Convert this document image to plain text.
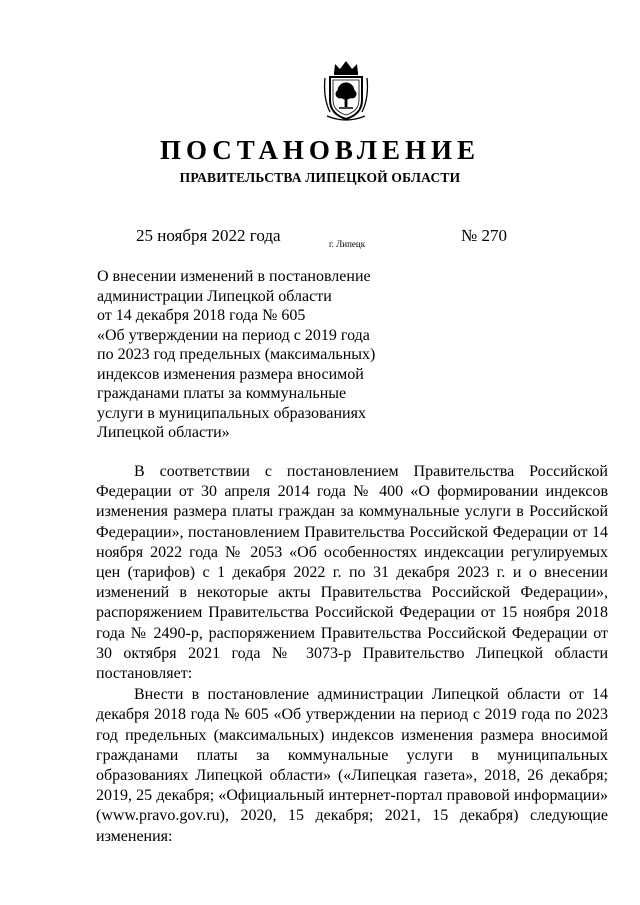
ПОСТАНОВЛЕНИЕ
ПРАВИТЕЛЬСТВА ЛИПЕЦКОЙ ОБЛАСТИ
25 ноября 2022 года	г. Липецк	№ 270
О внесении изменений в постановление
администрации Липецкой области
от 14 декабря 2018 года № 605
«Об утверждении на период с 2019 года
по 2023 год предельных (максимальных)
индексов изменения размера вносимой
гражданами платы за коммунальные
услуги в муниципальных образованиях
Липецкой области»

В соответствии с постановлением Правительства Российской Федерации от 30 апреля 2014 года № 400 «О формировании индексов изменения размера платы граждан за коммунальные услуги в Российской Федерации», постановлением Правительства Российской Федерации от 14 ноября 2022 года № 2053 «Об особенностях индексации регулируемых цен (тарифов) с 1 декабря 2022 г. по 31 декабря 2023 г. и о внесении изменений в некоторые акты Правительства Российской Федерации», распоряжением Правительства Российской Федерации от 15 ноября 2018 года № 2490-р, распоряжением Правительства Российской Федерации от 30 октября 2021 года № 3073-р Правительство Липецкой области постановляет:

Внести в постановление администрации Липецкой области от 14 декабря 2018 года № 605 «Об утверждении на период с 2019 года по 2023 год предельных (максимальных) индексов изменения размера вносимой гражданами платы за коммунальные услуги в муниципальных образованиях Липецкой области» («Липецкая газета», 2018, 26 декабря; 2019, 25 декабря; «Официальный интернет-портал правовой информации» (www.pravo.gov.ru), 2020, 15 декабря; 2021, 15 декабря) следующие изменения:
